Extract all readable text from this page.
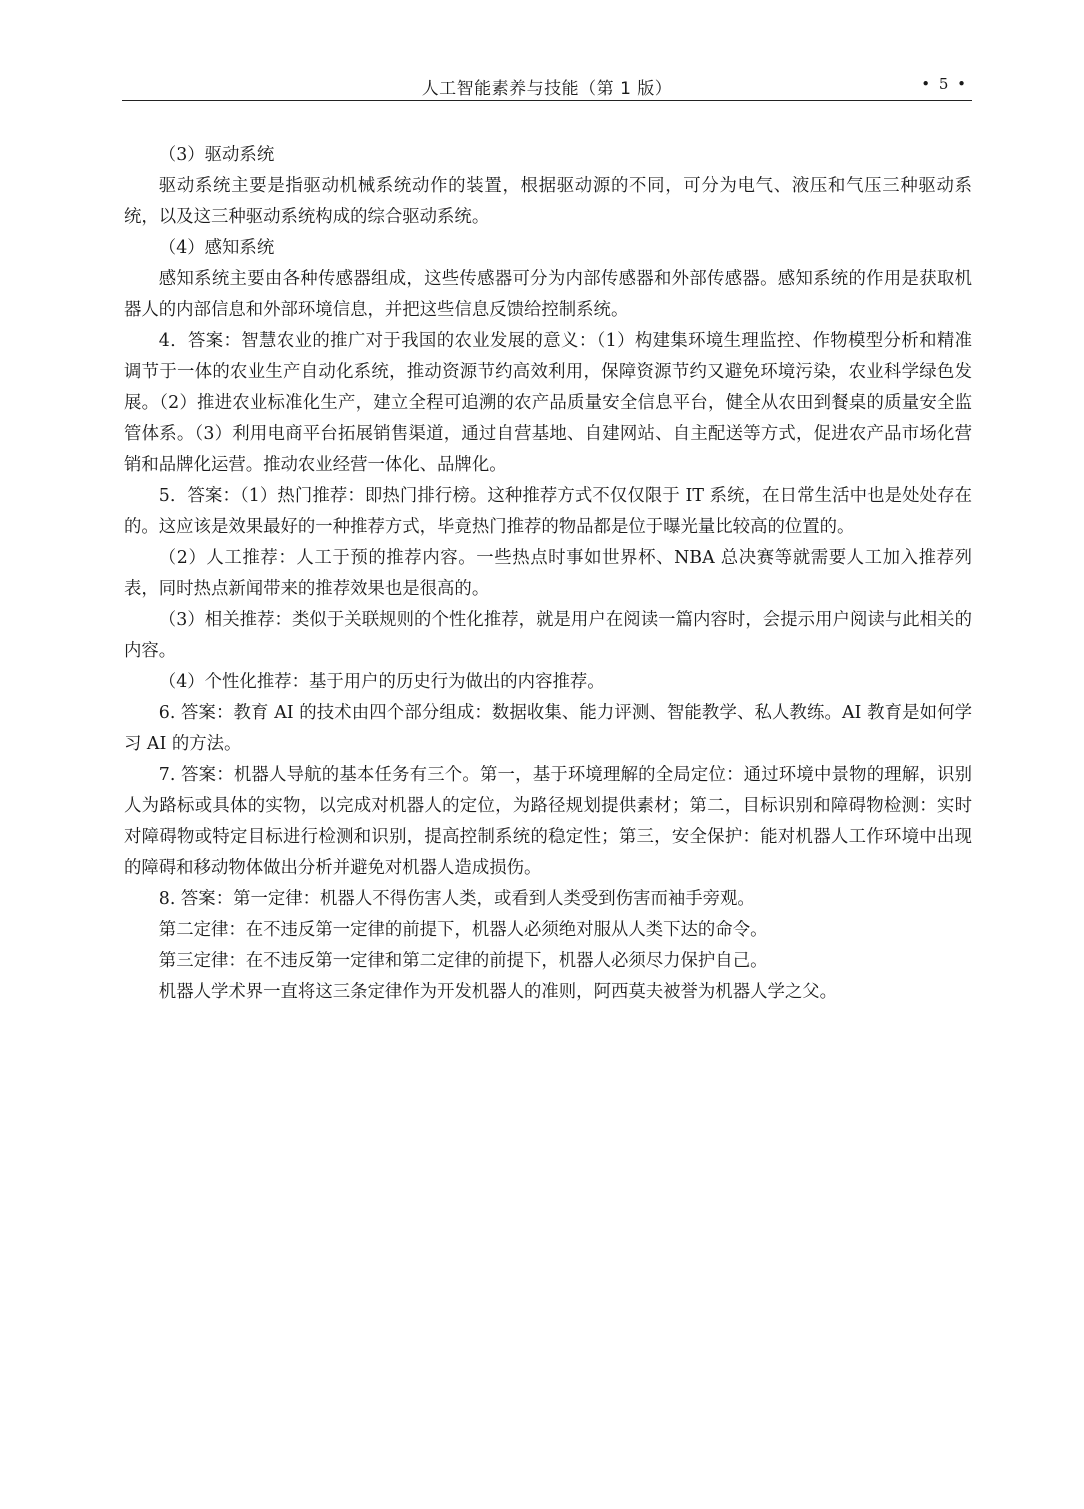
人工智能素养与技能（第 1 版）	• 5 •

（3）驱动系统

驱动系统主要是指驱动机械系统动作的装置，根据驱动源的不同，可分为电气、液压和气压三种驱动系统，以及这三种驱动系统构成的综合驱动系统。

（4）感知系统

感知系统主要由各种传感器组成，这些传感器可分为内部传感器和外部传感器。感知系统的作用是获取机器人的内部信息和外部环境信息，并把这些信息反馈给控制系统。

4．答案：智慧农业的推广对于我国的农业发展的意义：（1）构建集环境生理监控、作物模型分析和精准调节于一体的农业生产自动化系统，推动资源节约高效利用，保障资源节约又避免环境污染，农业科学绿色发展。（2）推进农业标准化生产，建立全程可追溯的农产品质量安全信息平台，健全从农田到餐桌的质量安全监管体系。（3）利用电商平台拓展销售渠道，通过自营基地、自建网站、自主配送等方式，促进农产品市场化营销和品牌化运营。推动农业经营一体化、品牌化。

5．答案：（1）热门推荐：即热门排行榜。这种推荐方式不仅仅限于 IT 系统，在日常生活中也是处处存在的。这应该是效果最好的一种推荐方式，毕竟热门推荐的物品都是位于曝光量比较高的位置的。

（2）人工推荐：人工于预的推荐内容。一些热点时事如世界杯、NBA 总决赛等就需要人工加入推荐列表，同时热点新闻带来的推荐效果也是很高的。

（3）相关推荐：类似于关联规则的个性化推荐，就是用户在阅读一篇内容时，会提示用户阅读与此相关的内容。

（4）个性化推荐：基于用户的历史行为做出的内容推荐。

6. 答案：教育 AI 的技术由四个部分组成：数据收集、能力评测、智能教学、私人教练。AI 教育是如何学习 AI 的方法。

7. 答案：机器人导航的基本任务有三个。第一，基于环境理解的全局定位：通过环境中景物的理解，识别人为路标或具体的实物，以完成对机器人的定位，为路径规划提供素材；第二，目标识别和障碍物检测：实时对障碍物或特定目标进行检测和识别，提高控制系统的稳定性；第三，安全保护：能对机器人工作环境中出现的障碍和移动物体做出分析并避免对机器人造成损伤。

8. 答案：第一定律：机器人不得伤害人类，或看到人类受到伤害而袖手旁观。

第二定律：在不违反第一定律的前提下，机器人必须绝对服从人类下达的命令。

第三定律：在不违反第一定律和第二定律的前提下，机器人必须尽力保护自己。

机器人学术界一直将这三条定律作为开发机器人的准则，阿西莫夫被誉为机器人学之父。
